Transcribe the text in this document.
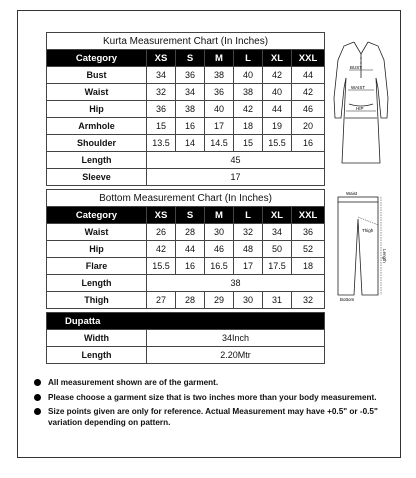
Kurta Measurement Chart (In Inches)						
Category	XS	S	M	L	XL	XXL
Bust	34	36	38	40	42	44
Waist	32	34	36	38	40	42
Hip	36	38	40	42	44	46
Armhole	15	16	17	18	19	20
Shoulder	13.5	14	14.5	15	15.5	16
Length	45					
Sleeve	17					
BUST
WAIST
HIP
Bottom Measurement Chart (In Inches)						
Category	XS	S	M	L	XL	XXL
Waist	26	28	30	32	34	36
Hip	42	44	46	48	50	52
Flare	15.5	16	16.5	17	17.5	18
Length	38					
Thigh	27	28	29	30	31	32
Waist
Thigh
Length
Bottom
Dupatta	
Width	34Inch
Length	2.20Mtr
All measurement shown are of the garment.
Please choose a garment size that is two inches more than your body measurement.
Size points given are only for reference. Actual Measurement may have +0.5" or -0.5" variation depending on pattern.
